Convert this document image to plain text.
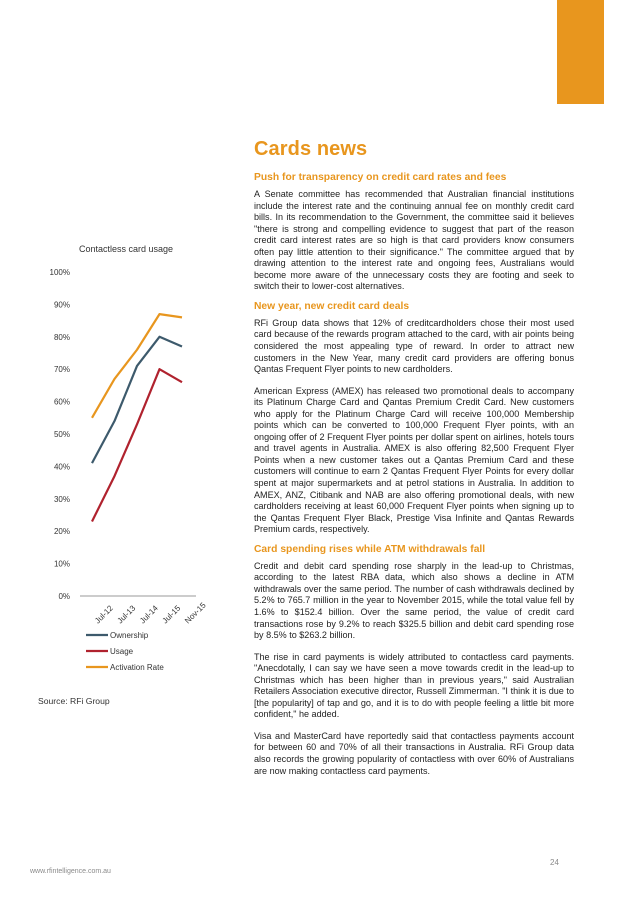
Cards news
Push for transparency on credit card rates and fees

A Senate committee has recommended that Australian financial institutions include the interest rate and the continuing annual fee on monthly credit card bills. In its recommendation to the Government, the committee said it believes "there is strong and compelling evidence to suggest that part of the reason credit card interest rates are so high is that card providers know consumers often pay little attention to their significance." The committee argued that by drawing attention to the interest rate and ongoing fees, Australians would become more aware of the unnecessary costs they are footing and seek to switch their to lower-cost alternatives.

New year, new credit card deals

RFi Group data shows that 12% of creditcardholders chose their most used card because of the rewards program attached to the card, with air points being considered the most appealing type of reward. In order to attract new customers in the New Year, many credit card providers are offering bonus Qantas Frequent Flyer points to new cardholders.

American Express (AMEX) has released two promotional deals to accompany its Platinum Charge Card and Qantas Premium Credit Card. New customers who apply for the Platinum Charge Card will receive 100,000 Membership points which can be converted to 100,000 Frequent Flyer points, with an ongoing offer of 2 Frequent Flyer points per dollar spent on airlines, hotels tours and travel agents in Australia. AMEX is also offering 82,500 Frequent Flyer Points when a new customer takes out a Qantas Premium Card and these customers will continue to earn 2 Qantas Frequent Flyer Points for every dollar spent at major supermarkets and at petrol stations in Australia. In addition to AMEX, ANZ, Citibank and NAB are also offering promotional deals, with new cardholders receiving at least 60,000 Frequent Flyer points when signing up to the Qantas Frequent Flyer Black, Prestige Visa Infinite and Qantas Rewards Premium cards, respectively.

Card spending rises while ATM withdrawals fall

Credit and debit card spending rose sharply in the lead-up to Christmas, according to the latest RBA data, which also shows a decline in ATM withdrawals over the same period. The number of cash withdrawals declined by 5.2% to 765.7 million in the year to November 2015, while the total value fell by 1.6% to $152.4 billion. Over the same period, the value of credit card transactions rose by 9.2% to reach $325.5 billion and debit card spending rose by 8.5% to $263.2 billion.

The rise in card payments is widely attributed to contactless card payments. "Anecdotally, I can say we have seen a move towards credit in the lead-up to Christmas which has been higher than in previous years," said Australian Retailers Association executive director, Russell Zimmerman. "I think it is due to [the popularity] of tap and go, and it is to do with people feeling a little bit more confident," he added.

Visa and MasterCard have reportedly said that contactless payments account for between 60 and 70% of all their transactions in Australia. RFi Group data also records the growing popularity of contactless with over 60% of Australians are now making contactless card payments.

Contactless card usage
0%
10%
20%
30%
40%
50%
60%
70%
80%
90%
100%
Jul-12 Jul-13 Jul-14 Jul-15 Nov-15
Ownership
Usage
Activation Rate
Source: RFi Group
www.rfintelligence.com.au
24
